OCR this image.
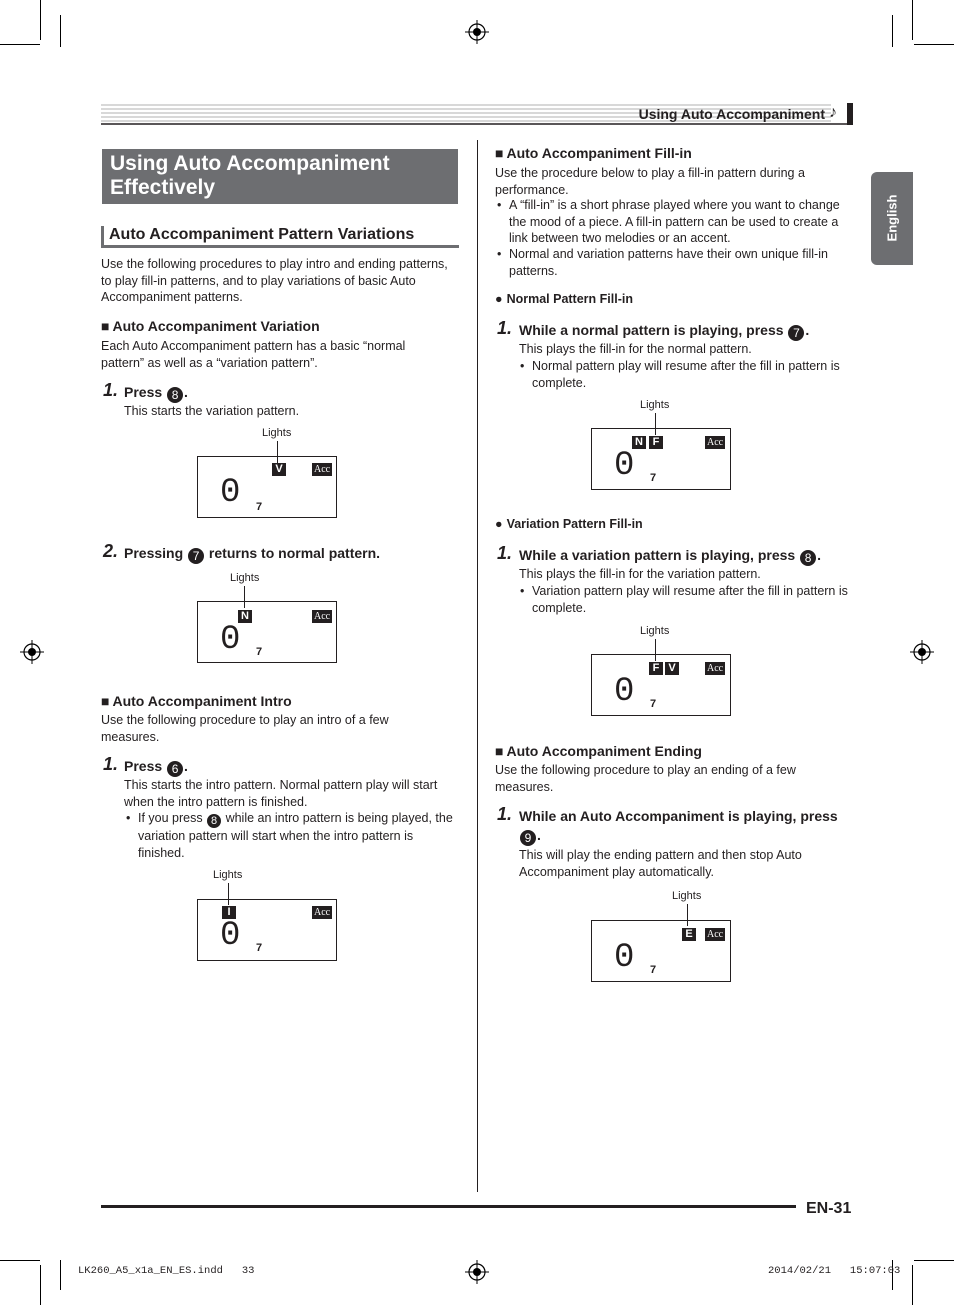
Using Auto Accompaniment ♪
English
Using Auto Accompaniment Effectively
Auto Accompaniment Pattern Variations
Use the following procedures to play intro and ending patterns, to play fill-in patterns, and to play variations of basic Auto Accompaniment patterns.
■ Auto Accompaniment Variation
Each Auto Accompaniment pattern has a basic “normal pattern” as well as a “variation pattern”.
1. Press 8 .
This starts the variation pattern.
Lights
V	Acc
0 7
2. Pressing 7 returns to normal pattern.
Lights
N	Acc
0 7
■ Auto Accompaniment Intro
Use the following procedure to play an intro of a few measures.
1. Press 6 .
This starts the intro pattern. Normal pattern play will start when the intro pattern is finished.
• If you press 8 while an intro pattern is being played, the variation pattern will start when the intro pattern is finished.
Lights
I	Acc
0 7
■ Auto Accompaniment Fill-in
Use the procedure below to play a fill-in pattern during a performance.
• A “fill-in” is a short phrase played where you want to change the mood of a piece. A fill-in pattern can be used to create a link between two melodies or an accent.
• Normal and variation patterns have their own unique fill-in patterns.
● Normal Pattern Fill-in
1. While a normal pattern is playing, press 7 .
This plays the fill-in for the normal pattern.
• Normal pattern play will resume after the fill in pattern is complete.
Lights
N F	Acc
0 7
● Variation Pattern Fill-in
1. While a variation pattern is playing, press 8 .
This plays the fill-in for the variation pattern.
• Variation pattern play will resume after the fill in pattern is complete.
Lights
F V	Acc
0 7
■ Auto Accompaniment Ending
Use the following procedure to play an ending of a few measures.
1. While an Auto Accompaniment is playing, press
9 .
This will play the ending pattern and then stop Auto Accompaniment play automatically.
Lights
E	Acc
0 7
EN-31
LK260_A5_x1a_EN_ES.indd   33	2014/02/21   15:07:03
